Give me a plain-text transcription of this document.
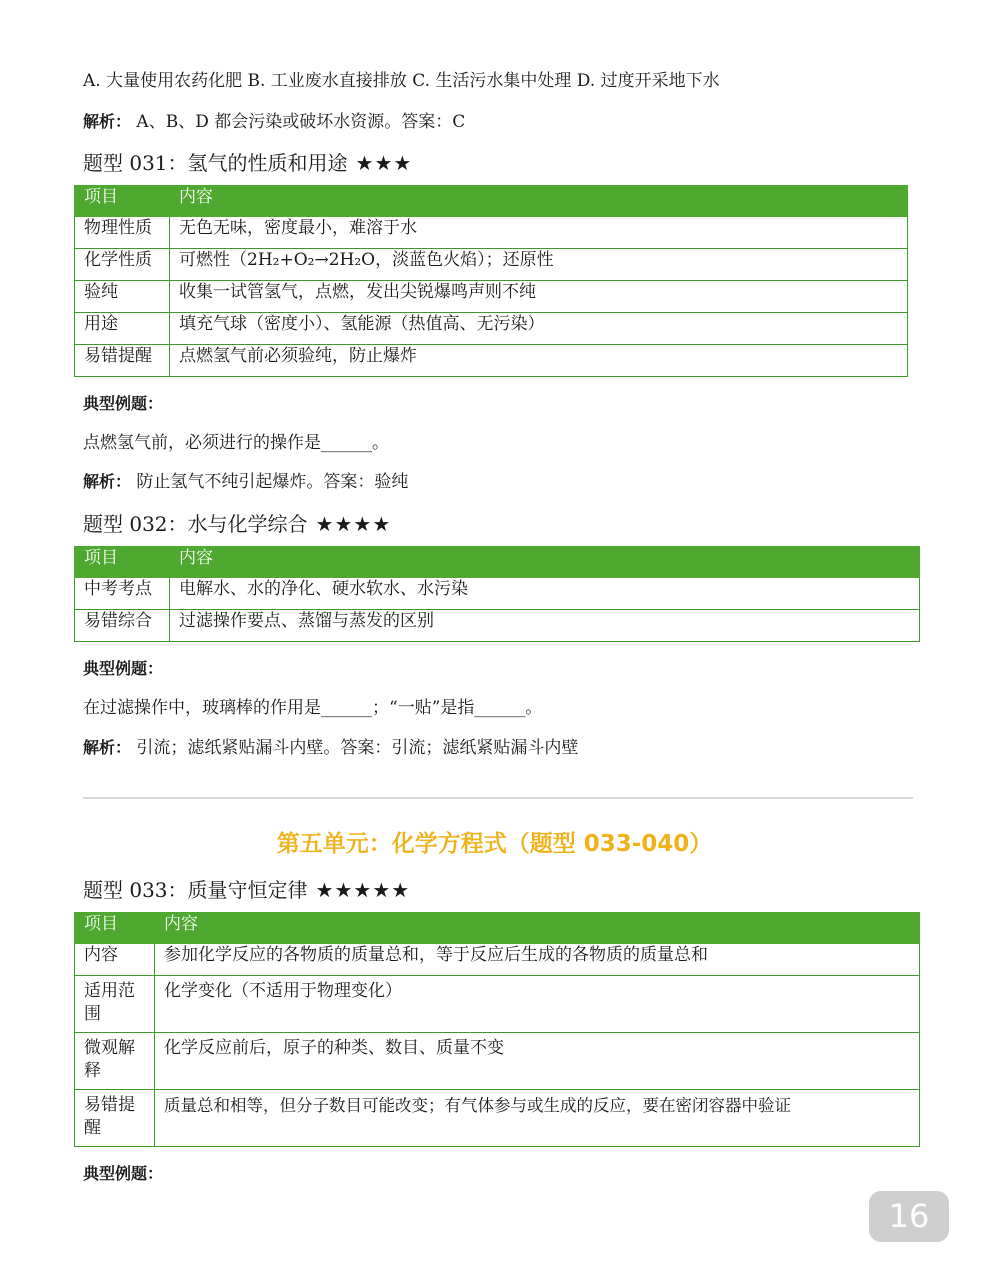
A. 大量使用农药化肥 B. 工业废水直接排放 C. 生活污水集中处理 D. 过度开采地下水
解析： A、B、D 都会污染或破坏水资源。答案：C
题型 031：氢气的性质和用途 ★★★
项目	内容
物理性质	无色无味，密度最小，难溶于水
化学性质	可燃性（2H₂+O₂→2H₂O，淡蓝色火焰）；还原性
验纯	收集一试管氢气，点燃，发出尖锐爆鸣声则不纯
用途	填充气球（密度小）、氢能源（热值高、无污染）
易错提醒	点燃氢气前必须验纯，防止爆炸
典型例题：
点燃氢气前，必须进行的操作是______。
解析： 防止氢气不纯引起爆炸。答案：验纯
题型 032：水与化学综合 ★★★★
项目	内容
中考考点	电解水、水的净化、硬水软水、水污染
易错综合	过滤操作要点、蒸馏与蒸发的区别
典型例题：
在过滤操作中，玻璃棒的作用是______；“一贴”是指______。
解析： 引流；滤纸紧贴漏斗内壁。答案：引流；滤纸紧贴漏斗内壁
第五单元：化学方程式（题型 033-040）
题型 033：质量守恒定律 ★★★★★
项目	内容
内容	参加化学反应的各物质的质量总和，等于反应后生成的各物质的质量总和
适用范围	化学变化（不适用于物理变化）
微观解释	化学反应前后，原子的种类、数目、质量不变
易错提醒	质量总和相等，但分子数目可能改变；有气体参与或生成的反应，要在密闭容器中验证
典型例题：
16
